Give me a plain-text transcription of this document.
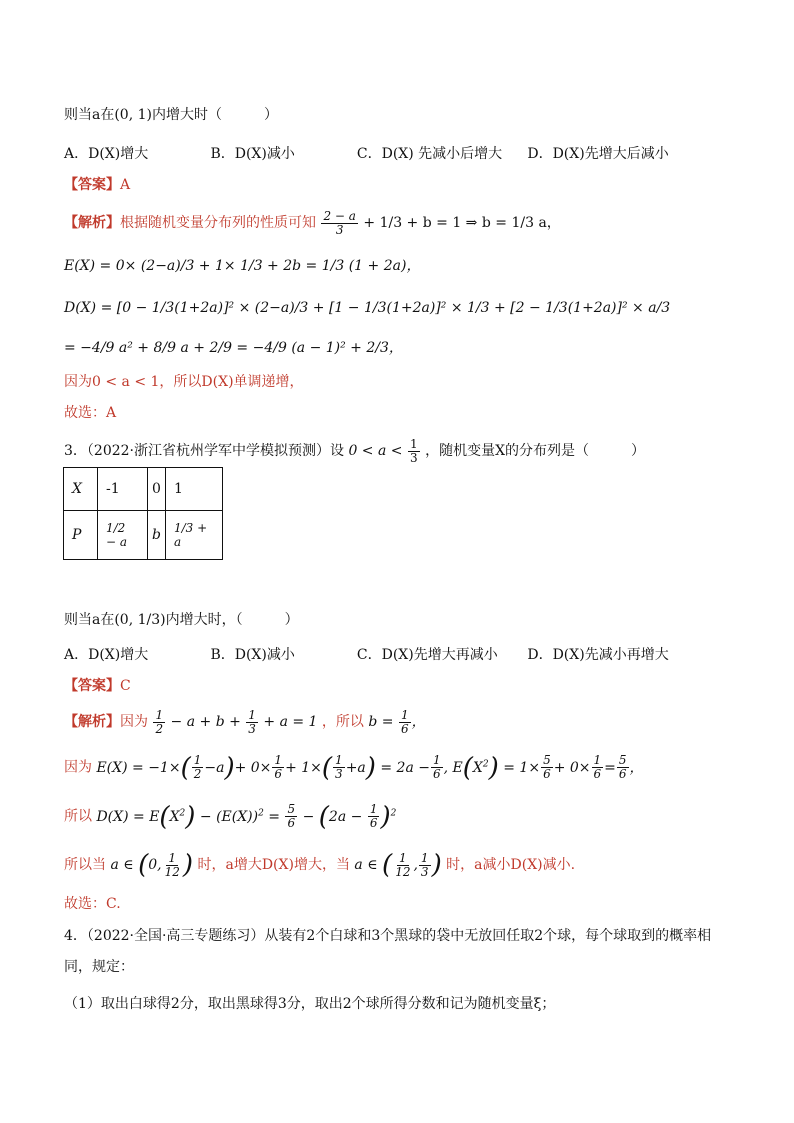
则当a在(0, 1)内增大时（　　　）
A．D(X)增大	B．D(X)减小	C．D(X) 先减小后增大 D．D(X)先增大后减小
【答案】A
【解析】根据随机变量分布列的性质可知 $\frac{2 - a}{3} + 1/3 + b = 1$ ⇒ b = 1/3 a，
E(X) = 0× (2−a)/3 + 1× 1/3 + 2b = 1/3 (1 + 2a)，
D(X) = [0 − 1/3(1+2a)]² × (2−a)/3 + [1 − 1/3(1+2a)]² × 1/3 + [2 − 1/3(1+2a)]² × a/3
= −4/9 a² + 8/9 a + 2/9 = −4/9 (a − 1)² + 2/3，
因为0 < a < 1，所以D(X)单调递增，
故选：A
3．（2022·浙江省杭州学军中学模拟预测）设 $0 < a < \frac{1}{3}$ ，随机变量X的分布列是（　　　）
X	-1	0	1
P	1/2 − a	b	1/3 + a
则当a在(0, 1/3)内增大时，（　　　）
A．D(X)增大	B．D(X)减小	C．D(X)先增大再减小 D．D(X)先减小再增大
【答案】C
【解析】因为 $\frac{1}{2} - a + b + \frac{1}{3} + a = 1$ ，所以 $b = \frac{1}{6}$ ，
因为 $E(X) = -1\times( \frac{1}{2} -a)+ 0\times \frac{1}{6} + 1\times( \frac{1}{3} +a) = 2a - \frac{1}{6}$ , $E(X^2) = 1\times \frac{5}{6} + 0\times \frac{1}{6} = \frac{5}{6}$ ，
所以 $D(X) = E(X^2) - (E(X))^2 = \frac{5}{6} - (2a - \frac{1}{6} )^2$
所以当 a ∈ (0, $\frac{1}{12}$ ) 时，a增大D(X)增大，当 a ∈ ( $\frac{1}{12}$ , $\frac{1}{3}$ ) 时，a减小D(X)减小.
故选：C.
4．（2022·全国·高三专题练习）从装有2个白球和3个黑球的袋中无放回任取2个球，每个球取到的概率相
同，规定：
（1）取出白球得2分，取出黑球得3分，取出2个球所得分数和记为随机变量ξ；
